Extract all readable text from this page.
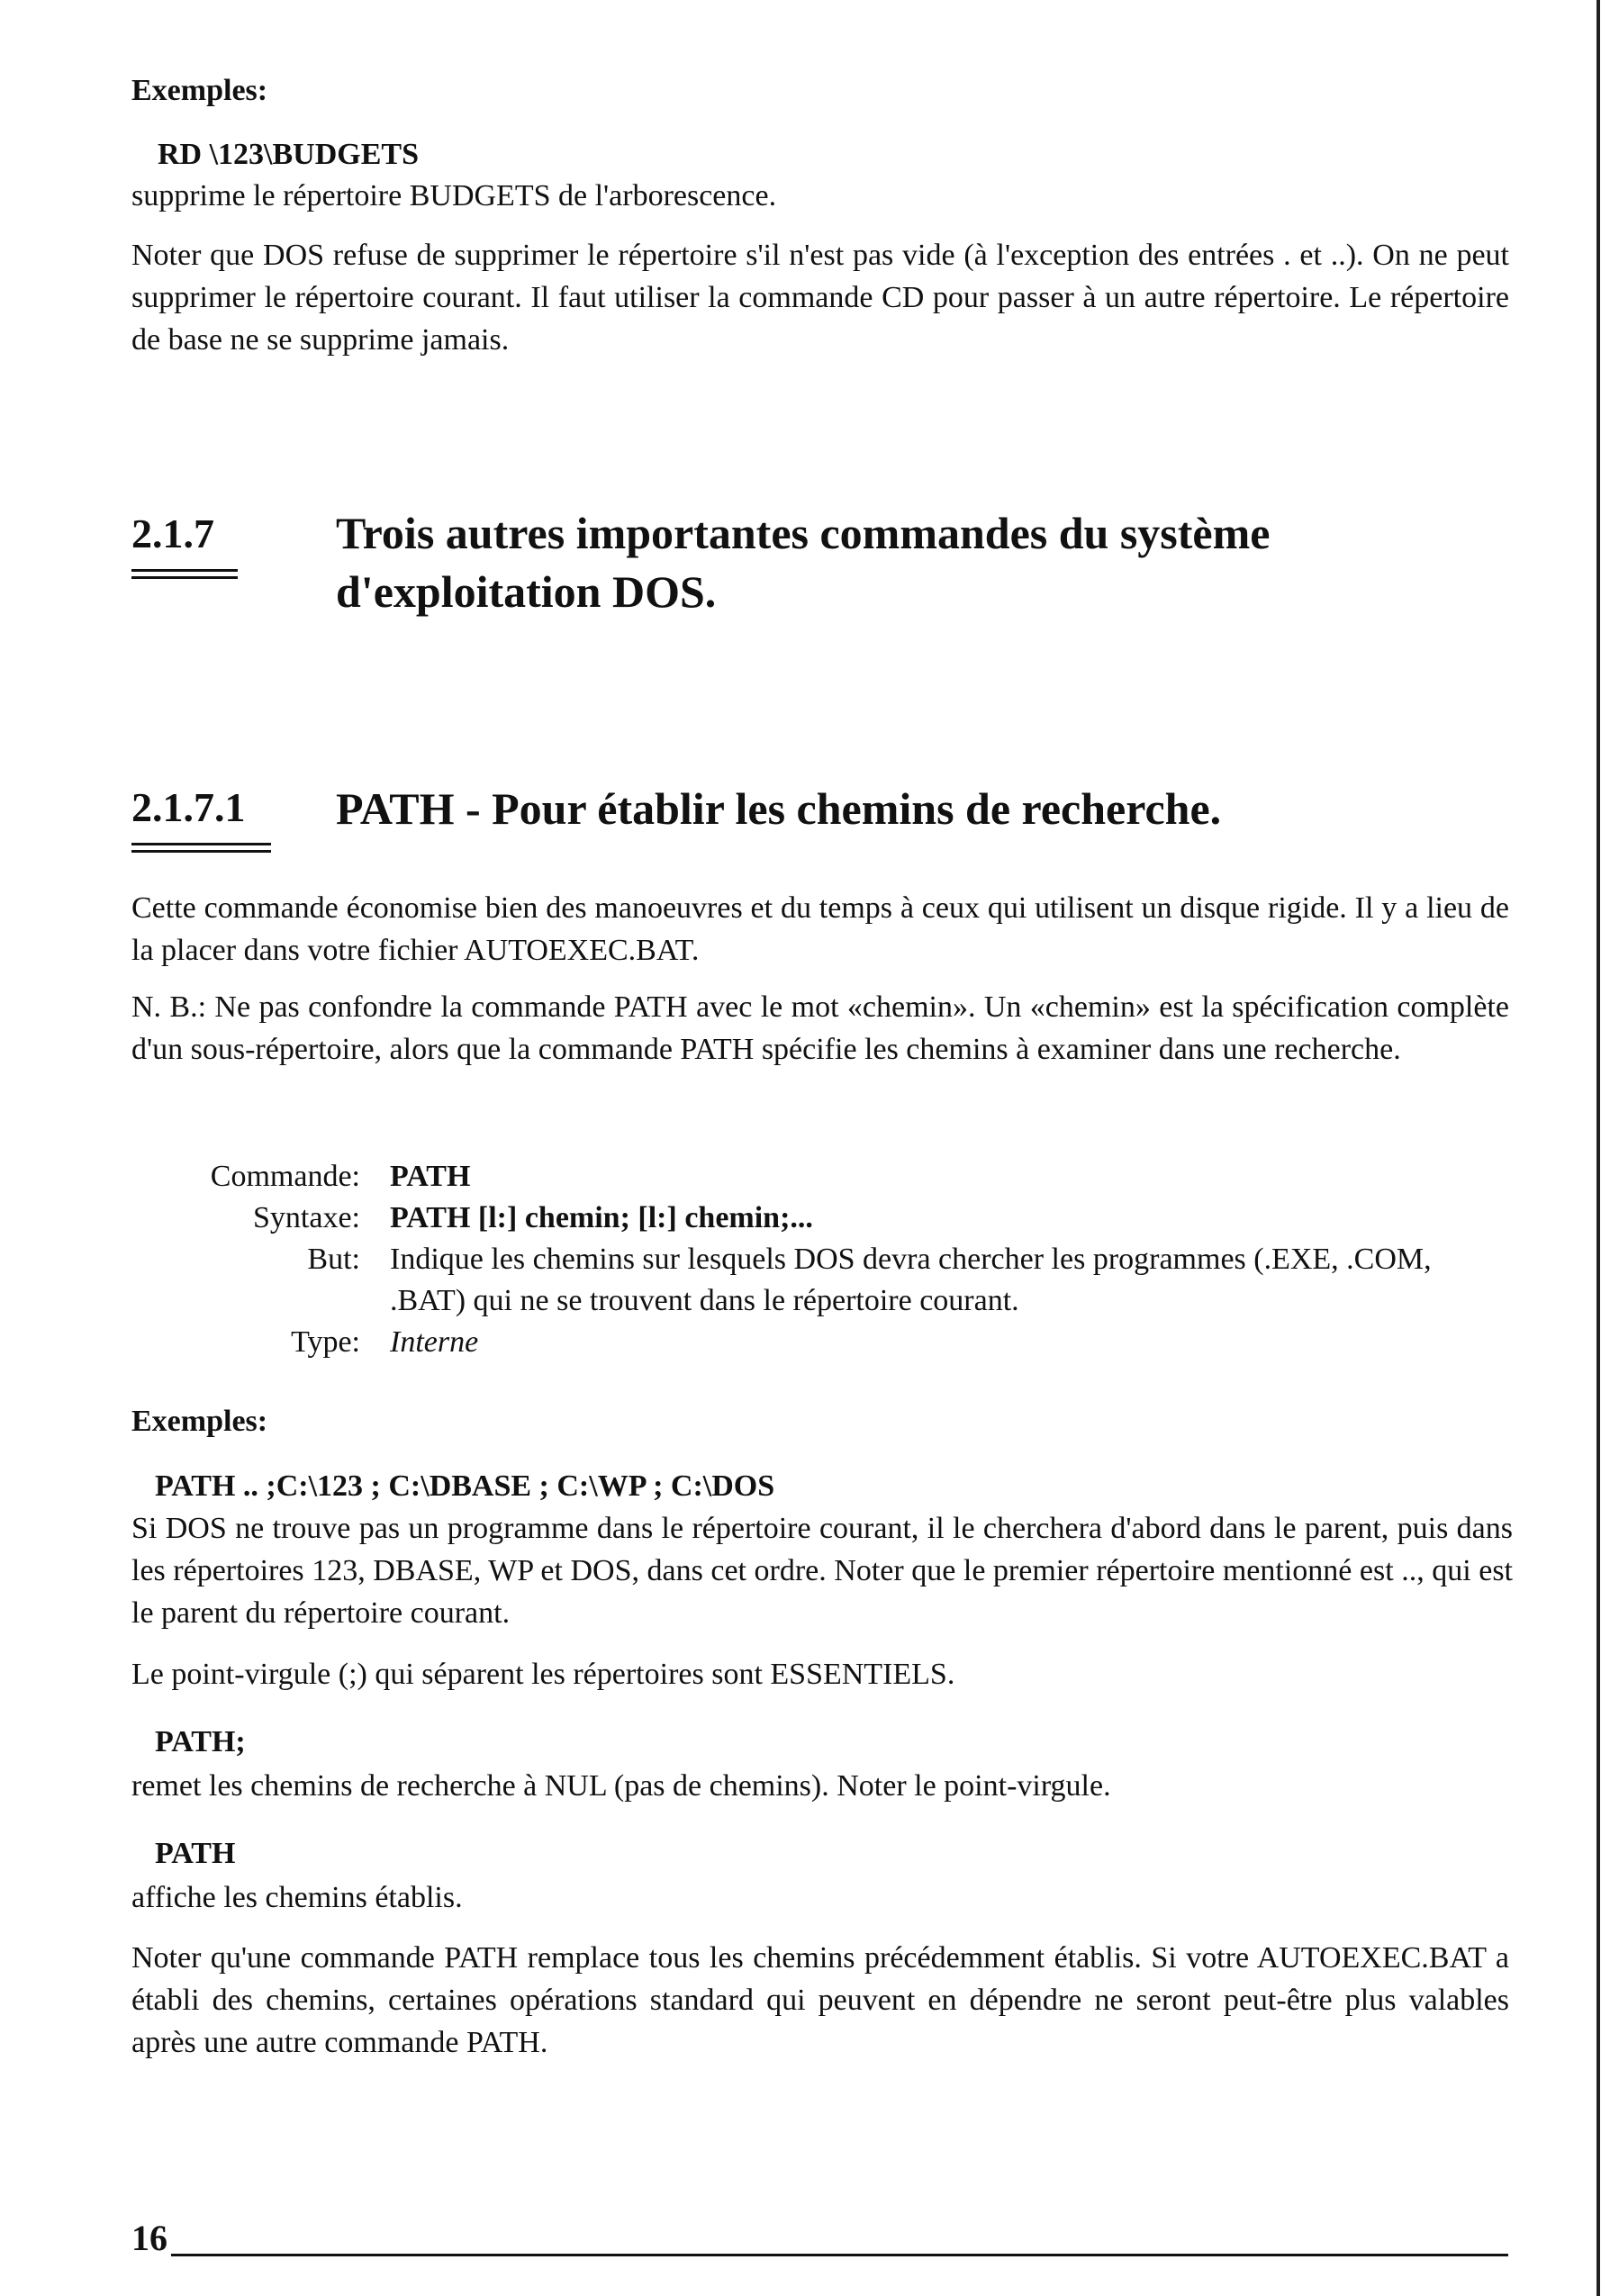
Exemples:
RD \123\BUDGETS
supprime le répertoire BUDGETS de l'arborescence.
Noter que DOS refuse de supprimer le répertoire s'il n'est pas vide (à l'exception des entrées . et ..). On ne peut supprimer le répertoire courant. Il faut utiliser la commande CD pour passer à un autre répertoire. Le répertoire de base ne se supprime jamais.
2.1.7	Trois autres importantes commandes du système
d'exploitation DOS.
2.1.7.1 PATH - Pour établir les chemins de recherche.
Cette commande économise bien des manoeuvres et du temps à ceux qui utilisent un disque rigide. Il y a lieu de la placer dans votre fichier AUTOEXEC.BAT.
N. B.: Ne pas confondre la commande PATH avec le mot «chemin». Un «chemin» est la spécification complète d'un sous-répertoire, alors que la commande PATH spécifie les chemins à examiner dans une recherche.
Commande: PATH
Syntaxe: PATH [l:] chemin; [l:] chemin;...
But: Indique les chemins sur lesquels DOS devra chercher les programmes (.EXE, .COM, .BAT) qui ne se trouvent dans le répertoire courant.
Type: Interne
Exemples:
PATH .. ;C:\123 ; C:\DBASE ; C:\WP ; C:\DOS
Si DOS ne trouve pas un programme dans le répertoire courant, il le cherchera d'abord dans le parent, puis dans les répertoires 123, DBASE, WP et DOS, dans cet ordre. Noter que le premier répertoire mentionné est .., qui est le parent du répertoire courant.
Le point-virgule (;) qui séparent les répertoires sont ESSENTIELS.
PATH;
remet les chemins de recherche à NUL (pas de chemins). Noter le point-virgule.
PATH
affiche les chemins établis.
Noter qu'une commande PATH remplace tous les chemins précédemment établis. Si votre AUTOEXEC.BAT a établi des chemins, certaines opérations standard qui peuvent en dépendre ne seront peut-être plus valables après une autre commande PATH.
16
